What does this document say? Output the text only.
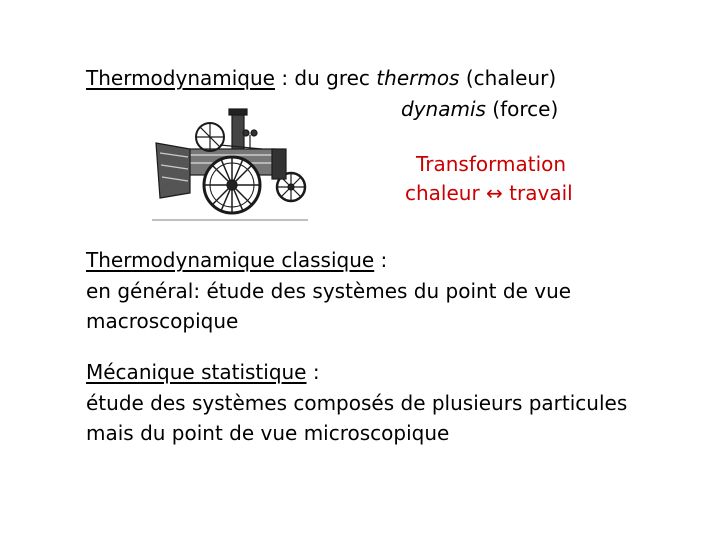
Thermodynamique : du grec thermos (chaleur)
dynamis (force)
Transformation
chaleur ↔ travail
Thermodynamique classique :
en général: étude des systèmes du point de vue
macroscopique
Mécanique statistique :
étude des systèmes composés de plusieurs particules
mais du point de vue microscopique
